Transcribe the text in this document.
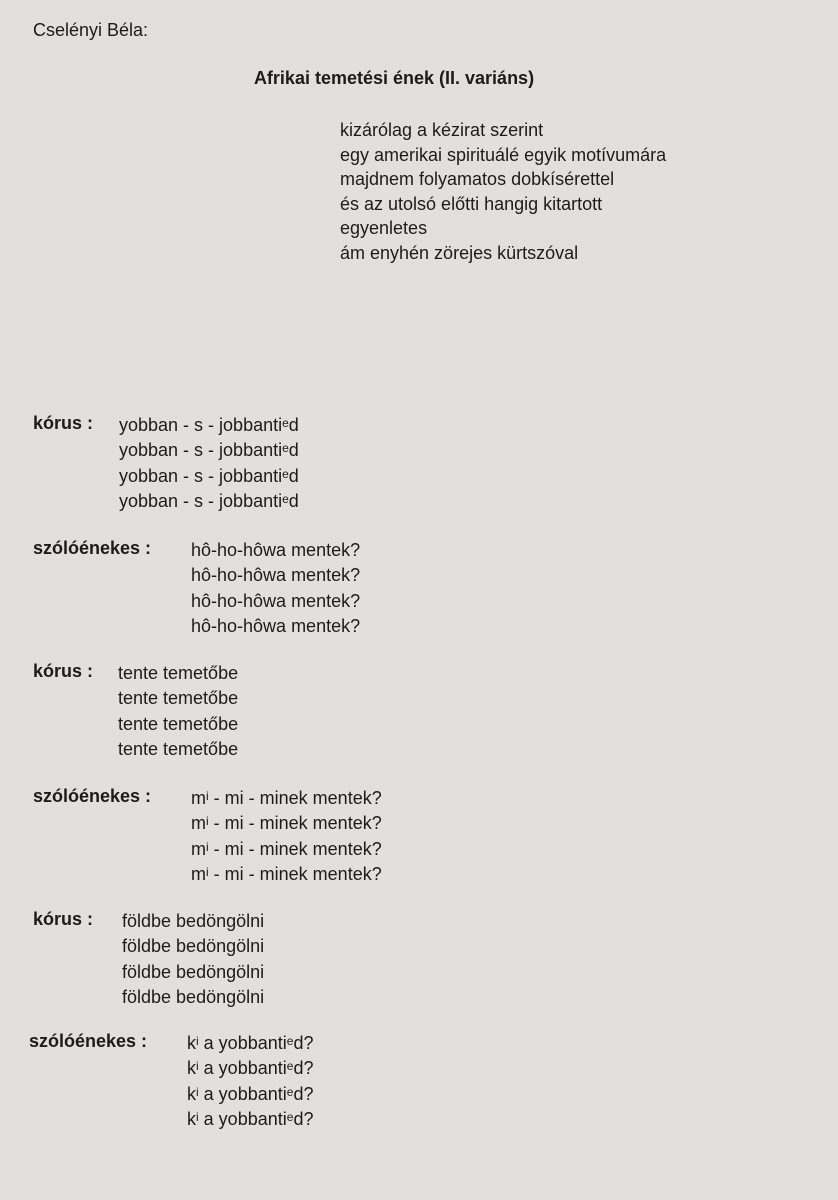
Cselényi Béla:
Afrikai temetési ének (II. variáns)
kizárólag a kézirat szerint
egy amerikai spirituálé egyik motívumára
majdnem folyamatos dobkísérettel
és az utolsó előtti hangig kitartott
egyenletes
ám enyhén zörejes kürtszóval
kórus : yobban - s - jobbanti$^e$d
yobban - s - jobbanti$^e$d
yobban - s - jobbanti$^e$d
yobban - s - jobbanti$^e$d
szólóénekes : hô-ho-hôwa mentek?
hô-ho-hôwa mentek?
hô-ho-hôwa mentek?
hô-ho-hôwa mentek?
kórus : tente temetőbe
tente temetőbe
tente temetőbe
tente temetőbe
szólóénekes : $m^i$ - mi - minek mentek?
$m^i$ - mi - minek mentek?
$m^i$ - mi - minek mentek?
$m^i$ - mi - minek mentek?
kórus : földbe bedöngölni
földbe bedöngölni
földbe bedöngölni
földbe bedöngölni
szólóénekes : $k^i$ a yobbanti$^e$d?
$k^i$ a yobbanti$^e$d?
$k^i$ a yobbanti$^e$d?
$k^i$ a yobbanti$^e$d?
